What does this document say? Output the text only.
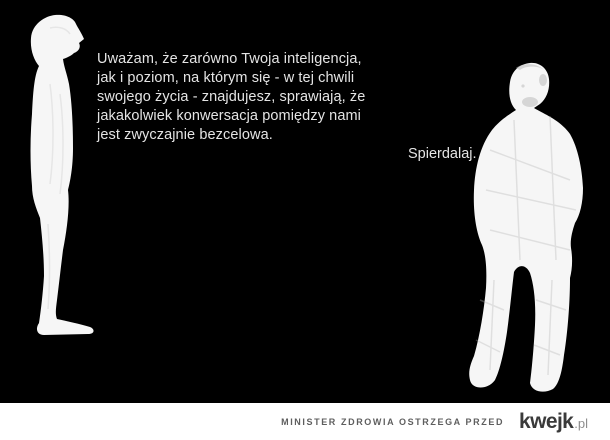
Uważam, że zarówno Twoja inteligencja,
jak i poziom, na którym się - w tej chwili
swojego życia - znajdujesz, sprawiają, że
jakakolwiek konwersacja pomiędzy nami
jest zwyczajnie bezcelowa.
Spierdalaj.
MINISTER ZDROWIA OSTRZEGA PRZED kwejk .pl
